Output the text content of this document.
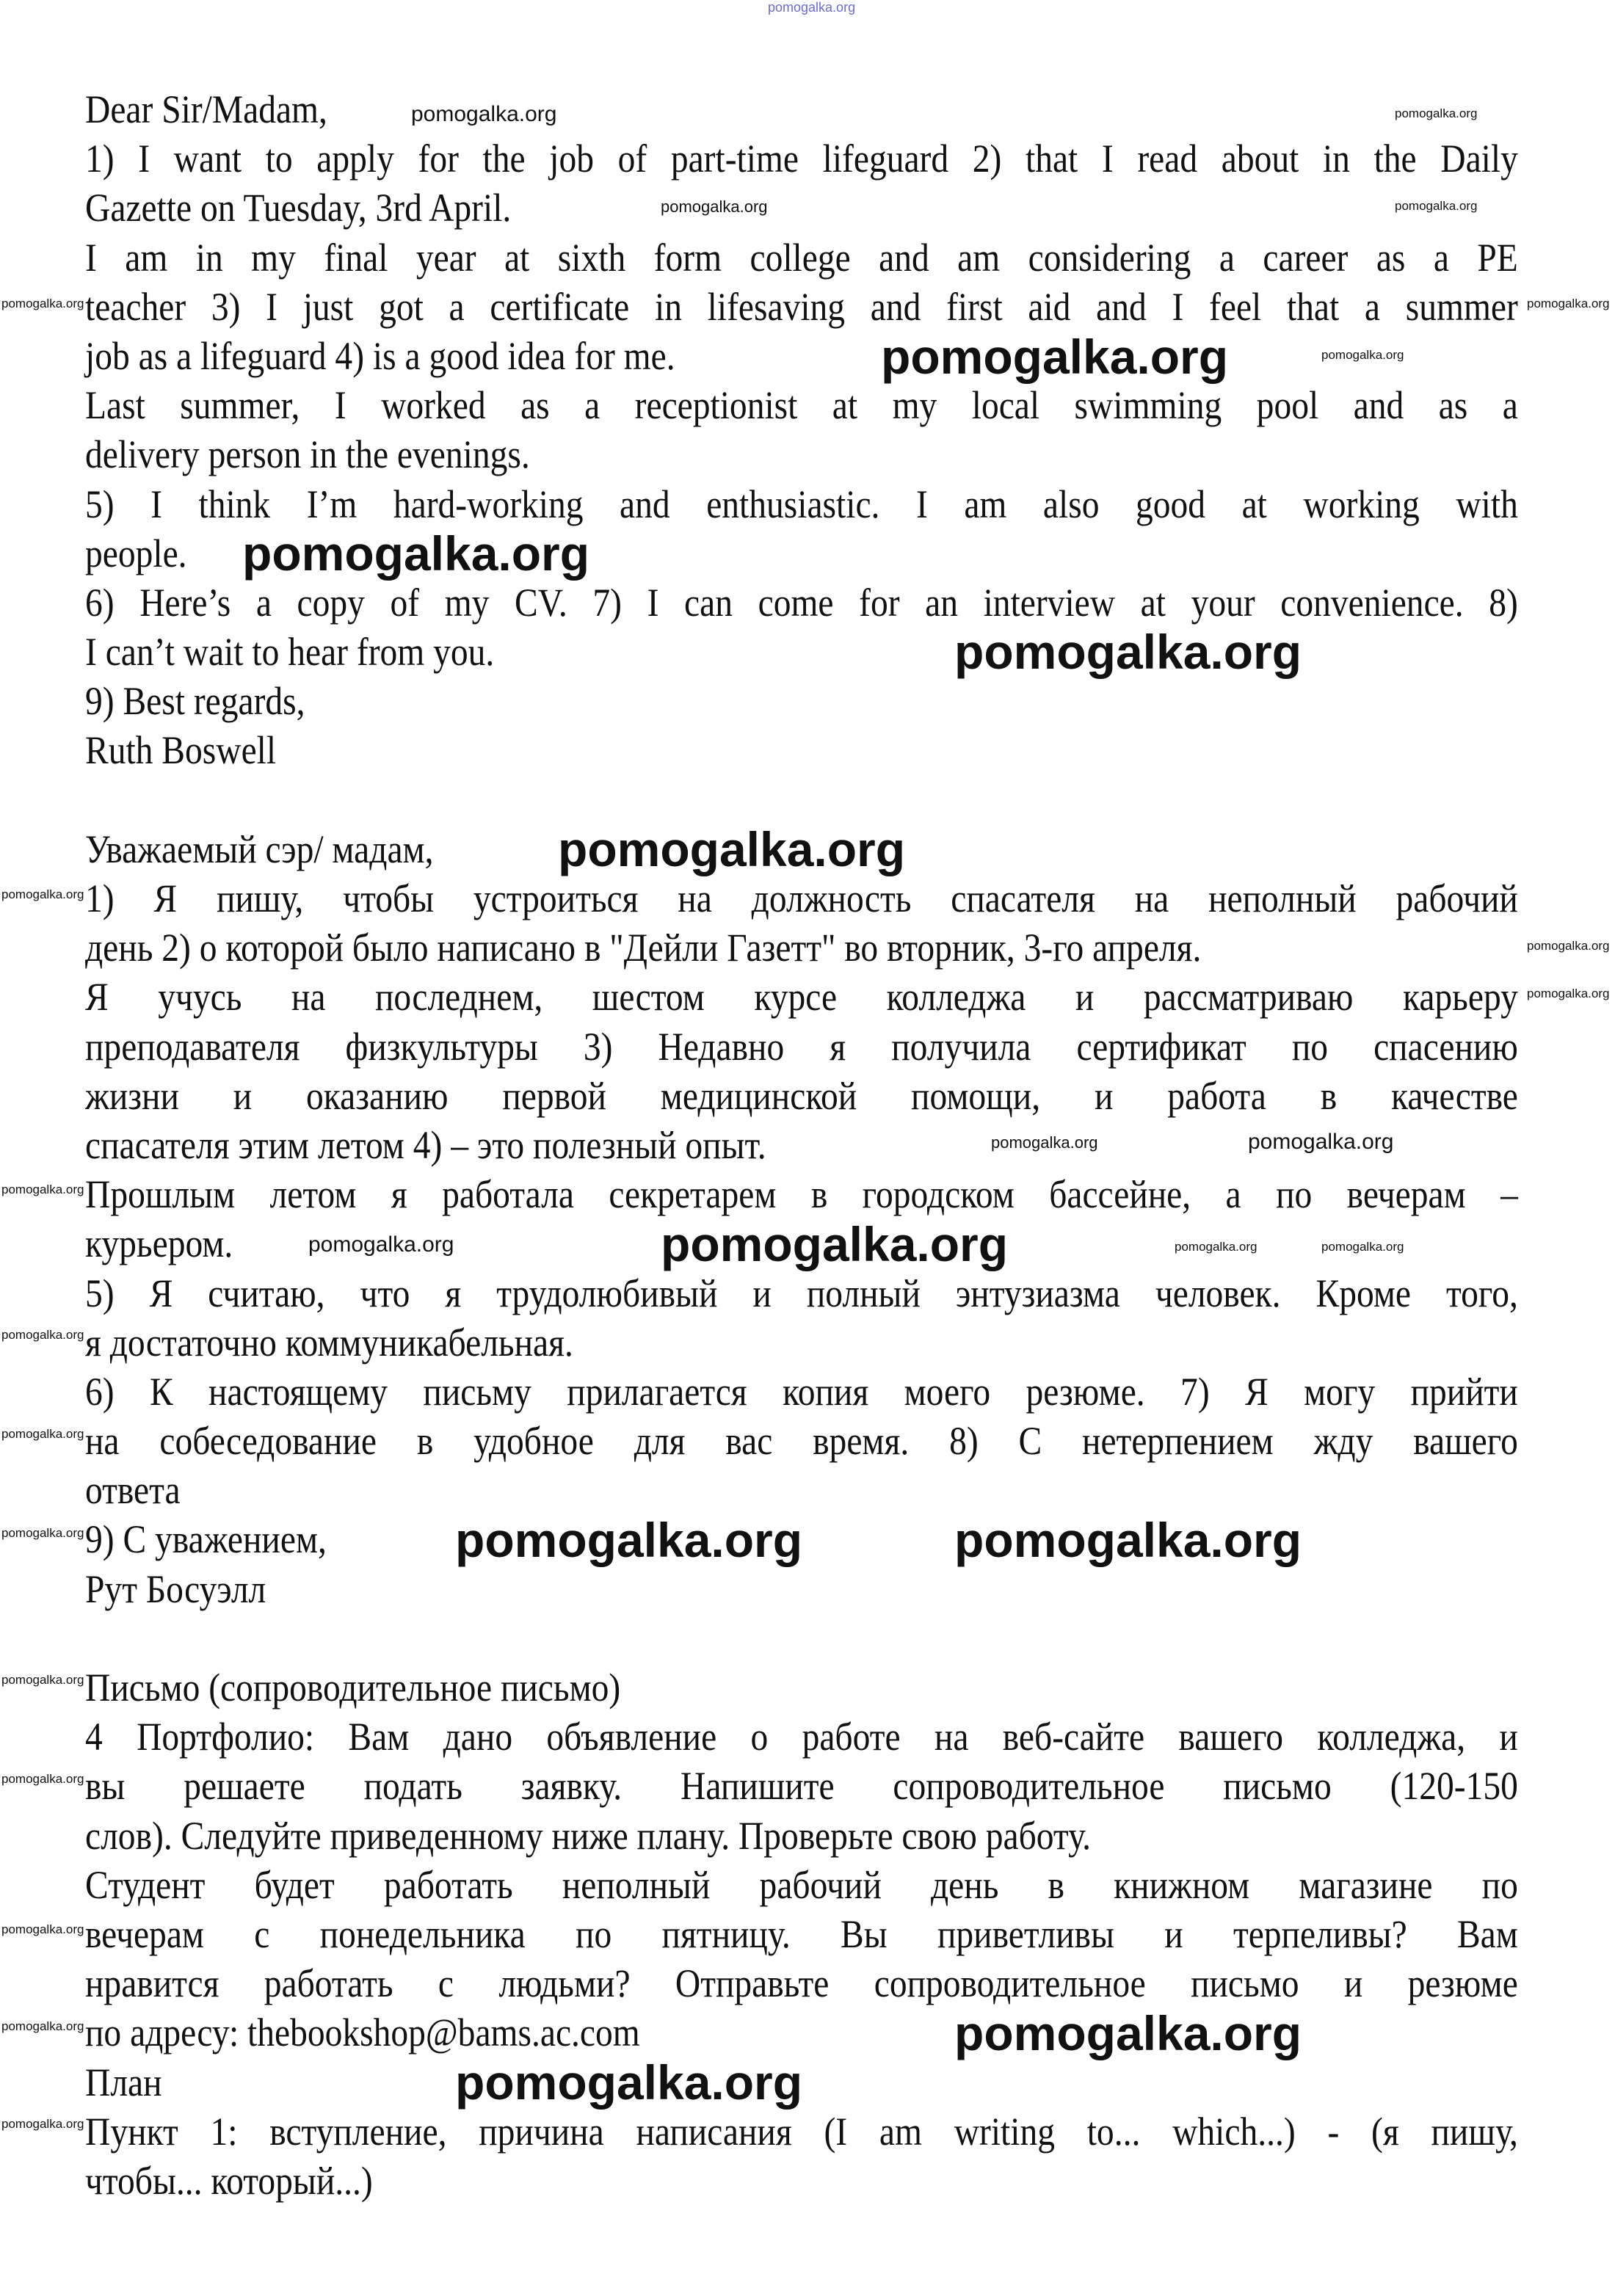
Dear Sir/Madam,
1) I want to apply for the job of part-time lifeguard 2) that I read about in the Daily
Gazette on Tuesday, 3rd April.
I am in my final year at sixth form college and am considering a career as a PE
teacher 3) I just got a certificate in lifesaving and first aid and I feel that a summer
job as a lifeguard 4) is a good idea for me.
Last summer, I worked as a receptionist at my local swimming pool and as a
delivery person in the evenings.
5) I think I’m hard-working and enthusiastic. I am also good at working with
people.
6) Here’s a copy of my CV. 7) I can come for an interview at your convenience. 8)
I can’t wait to hear from you.
9) Best regards,
Ruth Boswell
Уважаемый сэр/ мадам,
1) Я пишу, чтобы устроиться на должность спасателя на неполный рабочий
день 2) о которой было написано в "Дейли Газетт" во вторник, 3-го апреля.
Я учусь на последнем, шестом курсе колледжа и рассматриваю карьеру
преподавателя физкультуры 3) Недавно я получила сертификат по спасению
жизни и оказанию первой медицинской помощи, и работа в качестве
спасателя этим летом 4) – это полезный опыт.
Прошлым летом я работала секретарем в городском бассейне, а по вечерам –
курьером.
5) Я считаю, что я трудолюбивый и полный энтузиазма человек. Кроме того,
я достаточно коммуникабельная.
6) К настоящему письму прилагается копия моего резюме. 7) Я могу прийти
на собеседование в удобное для вас время. 8) С нетерпением жду вашего
ответа
9) С уважением,
Рут Босуэлл
Письмо (сопроводительное письмо)
4 Портфолио: Вам дано объявление о работе на веб-сайте вашего колледжа, и
вы решаете подать заявку. Напишите сопроводительное письмо (120-150
слов). Следуйте приведенному ниже плану. Проверьте свою работу.
Студент будет работать неполный рабочий день в книжном магазине по
вечерам с понедельника по пятницу. Вы приветливы и терпеливы? Вам
нравится работать с людьми? Отправьте сопроводительное письмо и резюме
по адресу: thebookshop@bams.ac.com
План
Пункт 1: вступление, причина написания (I am writing to... which...) - (я пишу,
чтобы... который...)
pomogalka.org
pomogalka.org	pomogalka.org
pomogalka.org	pomogalka.org
pomogalka.org	pomogalka.org
pomogalka.org	pomogalka.org
pomogalka.org
pomogalka.org
pomogalka.org
pomogalka.org
pomogalka.org
pomogalka.org
pomogalka.org	pomogalka.org
pomogalka.org
pomogalka.org	pomogalka.org	pomogalka.org	pomogalka.org
pomogalka.org
pomogalka.org
pomogalka.org	pomogalka.org	pomogalka.org
pomogalka.org
pomogalka.org
pomogalka.org
pomogalka.org	pomogalka.org
pomogalka.org
pomogalka.org
